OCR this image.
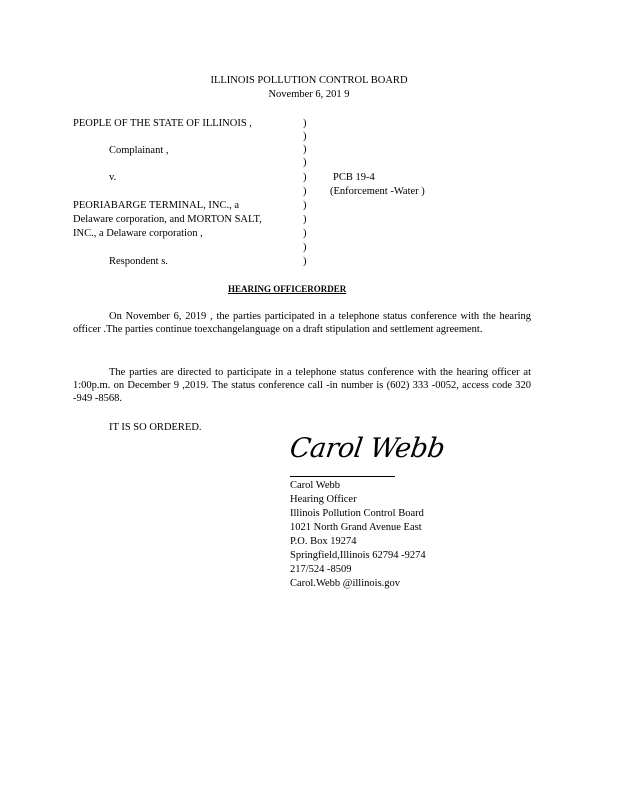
ILLINOIS POLLUTION CONTROL BOARD
November 6, 201 9
PEOPLE OF THE STATE OF ILLINOIS ,
Complainant ,
v.
PEORIABARGE TERMINAL, INC., a
Delaware corporation, and MORTON SALT,
INC., a Delaware corporation ,
Respondent s.
)
)
)
)
)
)
)
)
)
)
)
PCB 19-4
(Enforcement -Water )
HEARING OFFICERORDER
On November 6, 2019 , the parties participated in a telephone status conference with the hearing officer .The parties continue toexchangelanguage on a draft stipulation and settlement agreement.
The parties are directed to participate in a telephone status conference with the hearing officer at 1:00p.m. on December 9 ,2019. The status conference call -in number is (602) 333 -0052, access code 320 -949 -8568.
IT IS SO ORDERED.
Carol Webb
Carol Webb
Hearing Officer
Illinois Pollution Control Board
1021 North Grand Avenue East
P.O. Box 19274
Springfield,Illinois 62794 -9274
217/524 -8509
Carol.Webb @illinois.gov
